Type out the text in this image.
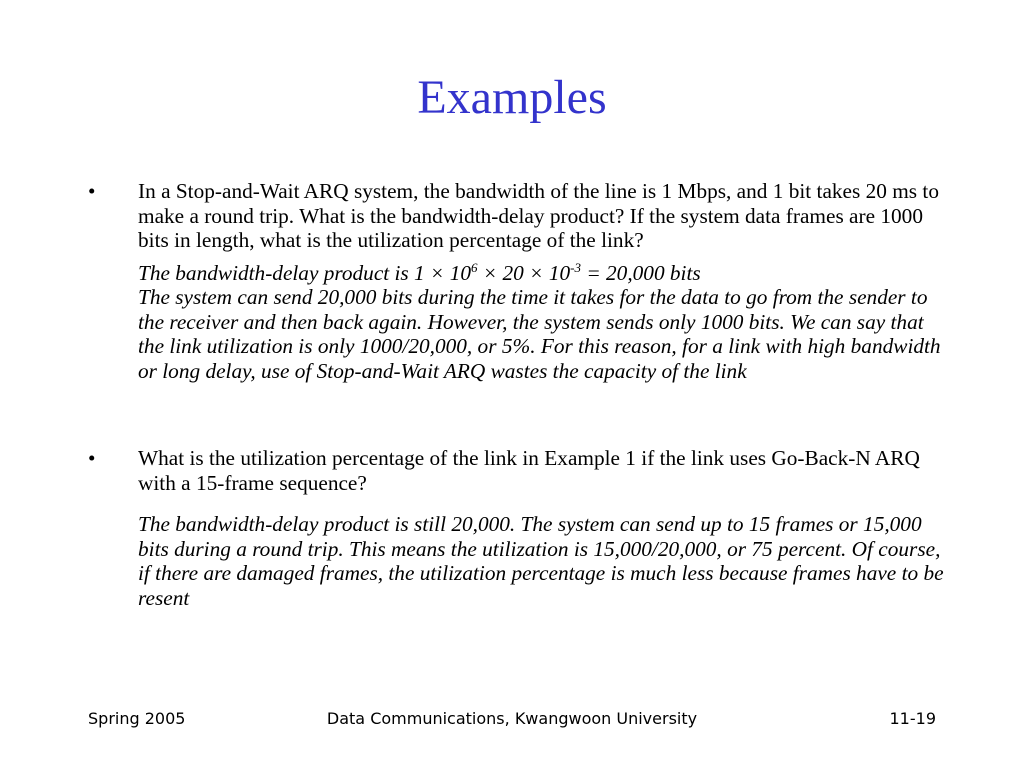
Examples
• In a Stop-and-Wait ARQ system, the bandwidth of the line is 1 Mbps, and 1 bit takes 20 ms to make a round trip. What is the bandwidth-delay product? If the system data frames are 1000 bits in length, what is the utilization percentage of the link?
The bandwidth-delay product is $1 \times 10^6 \times 20 \times 10^{-3} = 20,000$ bits
The system can send 20,000 bits during the time it takes for the data to go from the sender to the receiver and then back again. However, the system sends only 1000 bits. We can say that the link utilization is only 1000/20,000, or 5%. For this reason, for a link with high bandwidth or long delay, use of Stop-and-Wait ARQ wastes the capacity of the link
• What is the utilization percentage of the link in Example 1 if the link uses Go-Back-N ARQ with a 15-frame sequence?
The bandwidth-delay product is still 20,000. The system can send up to 15 frames or 15,000 bits during a round trip. This means the utilization is 15,000/20,000, or 75 percent. Of course, if there are damaged frames, the utilization percentage is much less because frames have to be resent
Data Communications, Kwangwoon University
Spring 2005	11-19
